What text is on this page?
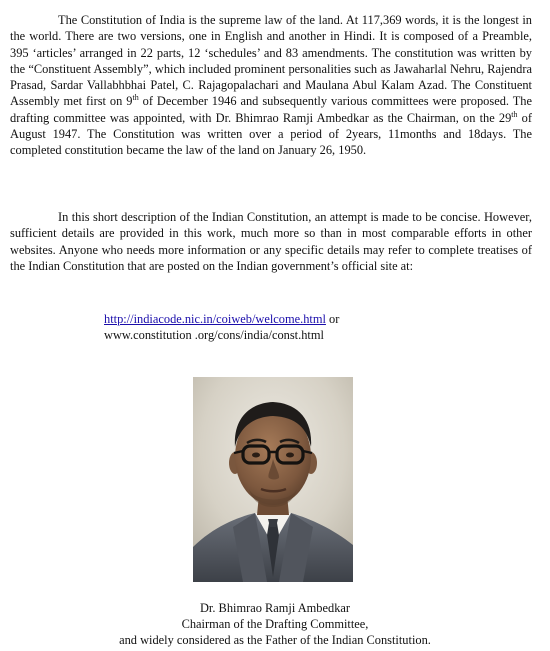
The Constitution of India is the supreme law of the land. At 117,369 words, it is the longest in the world. There are two versions, one in English and another in Hindi. It is composed of a Preamble, 395 ‘articles’ arranged in 22 parts, 12 ‘schedules’ and 83 amendments. The constitution was written by the “Constituent Assembly”, which included prominent personalities such as Jawaharlal Nehru, Rajendra Prasad, Sardar Vallabhbhai Patel, C. Rajagopalachari and Maulana Abul Kalam Azad. The Constituent Assembly met first on 9th of December 1946 and subsequently various committees were proposed. The drafting committee was appointed, with Dr. Bhimrao Ramji Ambedkar as the Chairman, on the 29th of August 1947. The Constitution was written over a period of 2years, 11months and 18days. The completed constitution became the law of the land on January 26, 1950.

In this short description of the Indian Constitution, an attempt is made to be concise. However, sufficient details are provided in this work, much more so than in most comparable efforts in other websites. Anyone who needs more information or any specific details may refer to complete treatises of the Indian Constitution that are posted on the Indian government’s official site at:

http://indiacode.nic.in/coiweb/welcome.html or
www.constitution .org/cons/india/const.html
Dr. Bhimrao Ramji Ambedkar
Chairman of the Drafting Committee,
and widely considered as the Father of the Indian Constitution.
